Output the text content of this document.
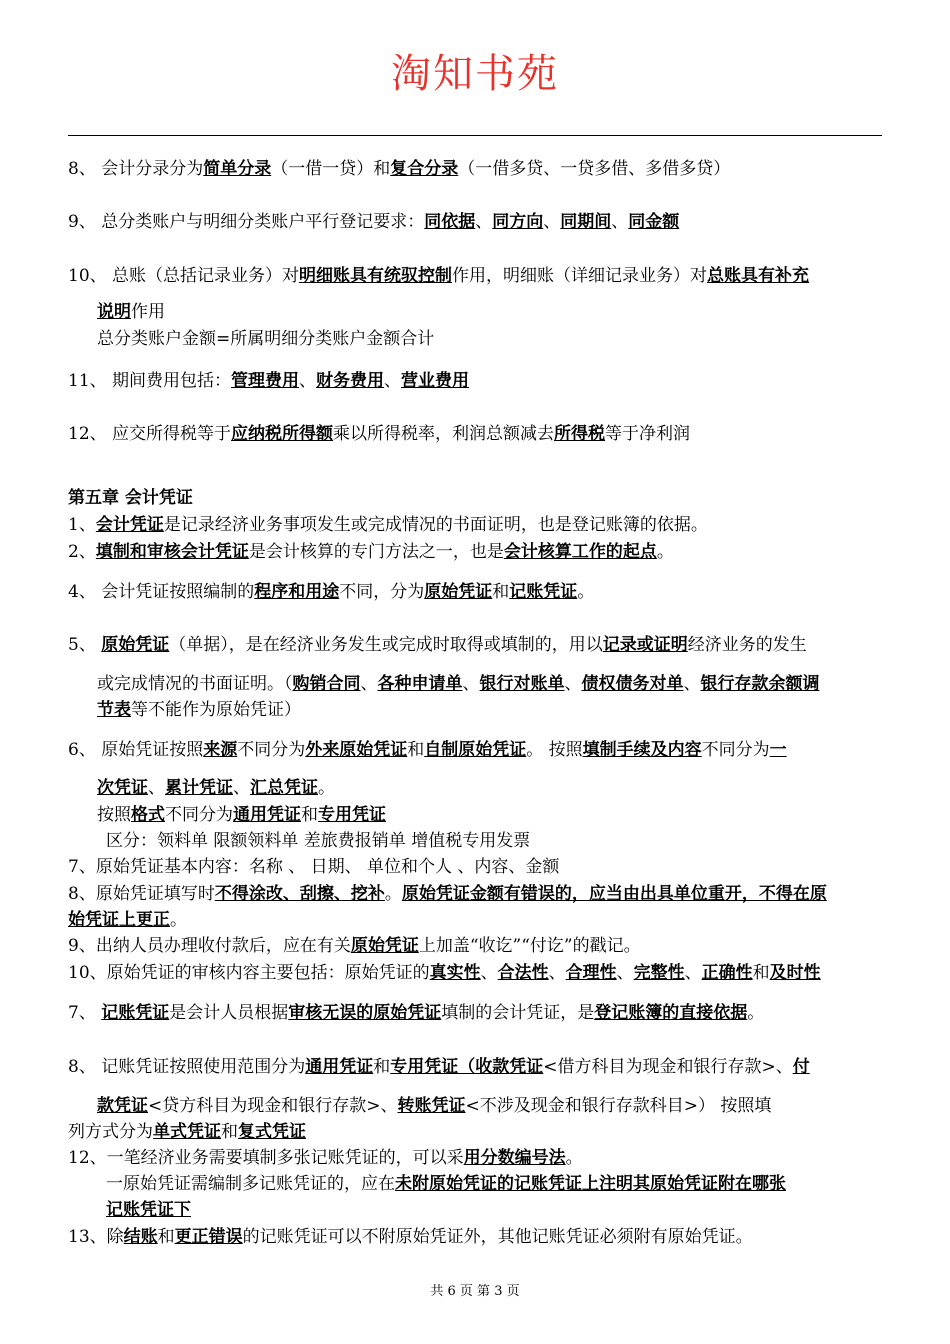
淘知书苑
8、 会计分录分为简单分录（一借一贷）和复合分录（一借多贷、一贷多借、多借多贷）
9、 总分类账户与明细分类账户平行登记要求：同依据、同方向、同期间、同金额
10、 总账（总括记录业务）对明细账具有统驭控制作用，明细账（详细记录业务）对总账具有补充
说明作用
总分类账户金额=所属明细分类账户金额合计
11、 期间费用包括：管理费用、财务费用、营业费用
12、 应交所得税等于应纳税所得额乘以所得税率，利润总额减去所得税等于净利润
第五章 会计凭证
1、会计凭证是记录经济业务事项发生或完成情况的书面证明，也是登记账簿的依据。
2、填制和审核会计凭证是会计核算的专门方法之一，也是会计核算工作的起点。
4、 会计凭证按照编制的程序和用途不同，分为原始凭证和记账凭证。
5、 原始凭证（单据），是在经济业务发生或完成时取得或填制的，用以记录或证明经济业务的发生
或完成情况的书面证明。（购销合同、各种申请单、银行对账单、债权债务对单、银行存款余额调
节表等不能作为原始凭证）
6、 原始凭证按照来源不同分为外来原始凭证和自制原始凭证。 按照填制手续及内容不同分为一
次凭证、累计凭证、汇总凭证。
按照格式不同分为通用凭证和专用凭证
区分：领料单 限额领料单 差旅费报销单 增值税专用发票
7、原始凭证基本内容：名称 、 日期、 单位和个人 、内容、金额
8、原始凭证填写时不得涂改、刮擦、挖补。原始凭证金额有错误的，应当由出具单位重开，不得在原
始凭证上更正。
9、出纳人员办理收付款后，应在有关原始凭证上加盖“收讫”“付讫”的戳记。
10、原始凭证的审核内容主要包括：原始凭证的真实性、合法性、合理性、完整性、正确性和及时性
7、 记账凭证是会计人员根据审核无误的原始凭证填制的会计凭证，是登记账簿的直接依据。
8、 记账凭证按照使用范围分为通用凭证和专用凭证（收款凭证<借方科目为现金和银行存款>、付
款凭证<贷方科目为现金和银行存款>、转账凭证<不涉及现金和银行存款科目>） 按照填
列方式分为单式凭证和复式凭证
12、一笔经济业务需要填制多张记账凭证的，可以采用分数编号法。
一原始凭证需编制多记账凭证的，应在未附原始凭证的记账凭证上注明其原始凭证附在哪张
记账凭证下
13、除结账和更正错误的记账凭证可以不附原始凭证外，其他记账凭证必须附有原始凭证。
共 6 页 第 3 页
